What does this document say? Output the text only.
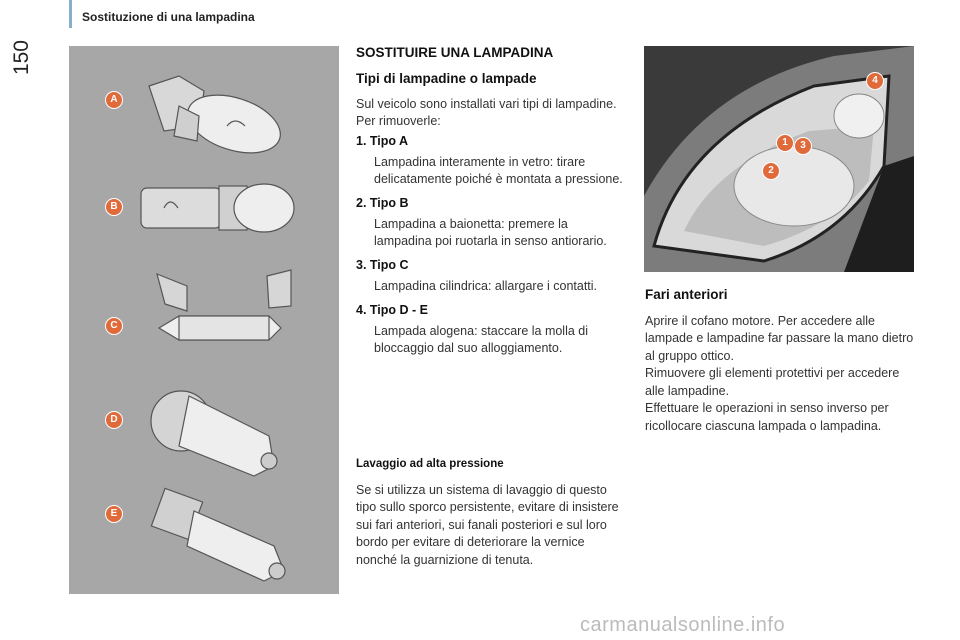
Sostituzione di una lampadina
150
A
B
C
D
E
SOSTITUIRE UNA LAMPADINA
Tipi di lampadine o lampade

Sul veicolo sono installati vari tipi di lampadine.

Per rimuoverle:

1. Tipo A
Lampadina interamente in vetro: tirare delicatamente poiché è montata a pressione.
2. Tipo B
Lampadina a baionetta: premere la lampadina poi ruotarla in senso antiorario.
3. Tipo C
Lampadina cilindrica: allargare i contatti.
4. Tipo D - E
Lampada alogena: staccare la molla di bloccaggio dal suo alloggiamento.
Lavaggio ad alta pressione

Se si utilizza un sistema di lavaggio di questo tipo sullo sporco persistente, evitare di insistere sui fari anteriori, sui fanali posteriori e sul loro bordo per evitare di deteriorare la vernice nonché la guarnizione di tenuta.

1
2
3
4
Fari anteriori

Aprire il cofano motore. Per accedere alle lampade e lampadine far passare la mano dietro al gruppo ottico.

Rimuovere gli elementi protettivi per accedere alle lampadine.

Effettuare le operazioni in senso inverso per ricollocare ciascuna lampada o lampadina.

carmanualsonline.info
